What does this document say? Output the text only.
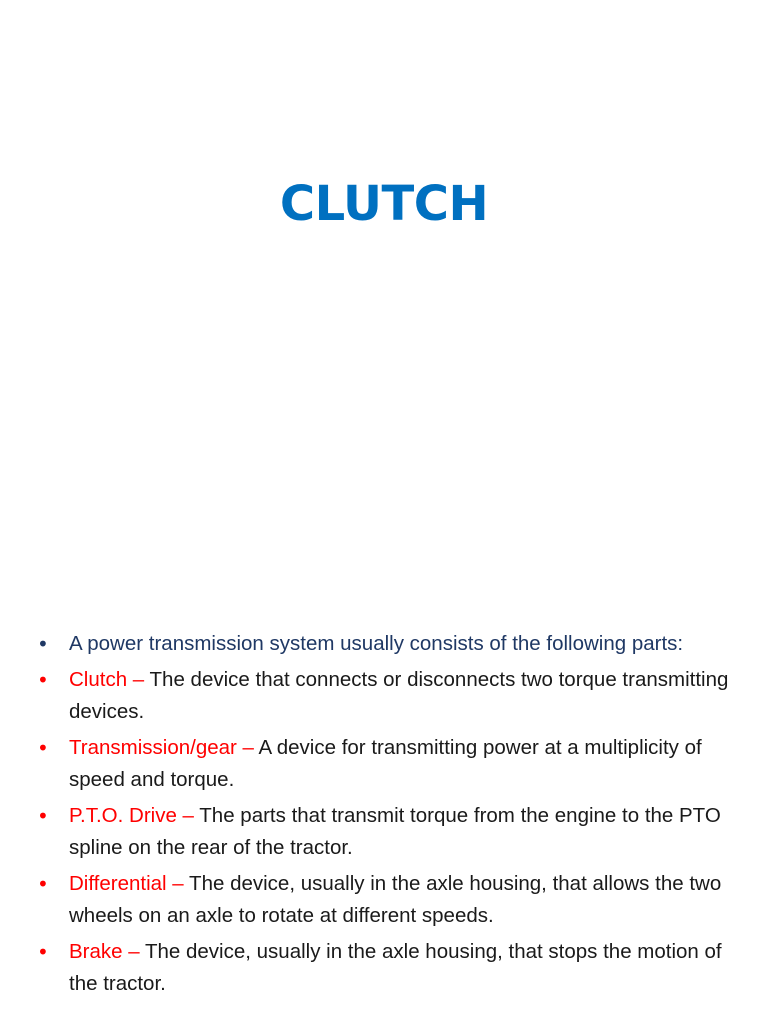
CLUTCH
• A power transmission system usually consists of the following parts:
• Clutch – The device that connects or disconnects two torque transmitting devices.
• Transmission/gear – A device for transmitting power at a multiplicity of speed and torque.
• P.T.O. Drive – The parts that transmit torque from the engine to the PTO spline on the rear of the tractor.
• Differential – The device, usually in the axle housing, that allows the two wheels on an axle to rotate at different speeds.
• Brake – The device, usually in the axle housing, that stops the motion of the tractor.
